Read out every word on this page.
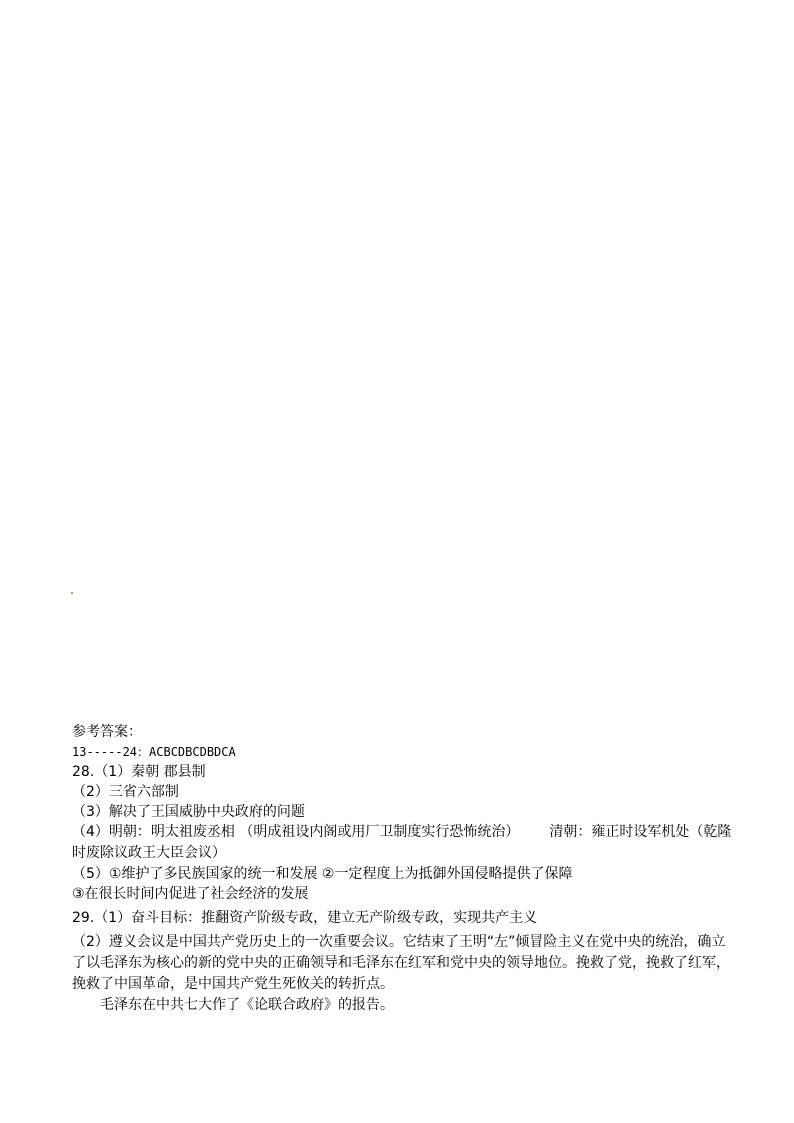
参考答案：
13-----24：ACBCDBCDBDCA
28.（1）秦朝 郡县制
（2）三省六部制
（3）解决了王国威胁中央政府的问题
（4）明朝：明太祖废丞相 （明成祖设内阁或用厂卫制度实行恐怖统治） 清朝：雍正时设军机处（乾隆时废除议政王大臣会议）
（5）①维护了多民族国家的统一和发展 ②一定程度上为抵御外国侵略提供了保障
③在很长时间内促进了社会经济的发展
29.（1）奋斗目标：推翻资产阶级专政，建立无产阶级专政，实现共产主义
（2）遵义会议是中国共产党历史上的一次重要会议。它结束了王明“左”倾冒险主义在党中央的统治，确立了以毛泽东为核心的新的党中央的正确领导和毛泽东在红军和党中央的领导地位。挽救了党，挽救了红军，挽救了中国革命，是中国共产党生死攸关的转折点。
毛泽东在中共七大作了《论联合政府》的报告。
